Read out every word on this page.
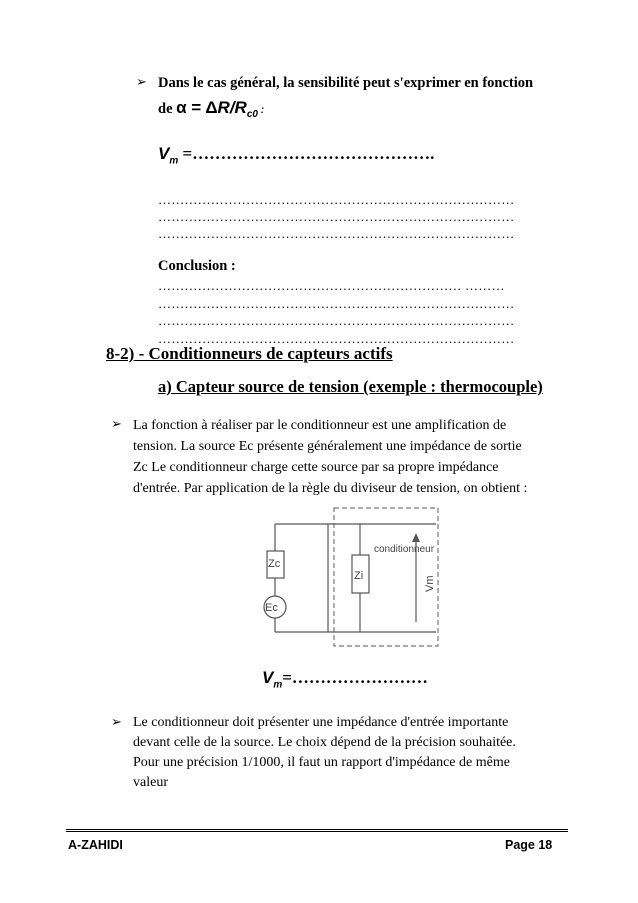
➢ Dans le cas général, la sensibilité peut s'exprimer en fonction
de $\alpha = \Delta R/R_{c0}$ :
$V_m$ =…………………………………….
………………………………………………………………………
………………………………………………………………………
………………………………………………………………………
Conclusion :
…………………………………………………………… ………
………………………………………………………………………
………………………………………………………………………
………………………………………………………………………
8-2) - Conditionneurs de capteurs actifs
a) Capteur source de tension (exemple : thermocouple)
➢ La fonction à réaliser par le conditionneur est une amplification de
tension. La source Ec présente généralement une impédance de sortie
Zc Le conditionneur charge cette source par sa propre impédance
d'entrée. Par application de la règle du diviseur de tension, on obtient :
Zc
Ec
Zi
conditionneur
Vm
$V_m=\dots\dots\dots\dots\dots\dots\dots\dots$
➢ Le conditionneur doit présenter une impédance d'entrée importante
devant celle de la source. Le choix dépend de la précision souhaitée.
Pour une précision 1/1000, il faut un rapport d'impédance de même
valeur
A-ZAHIDI	Page 18
